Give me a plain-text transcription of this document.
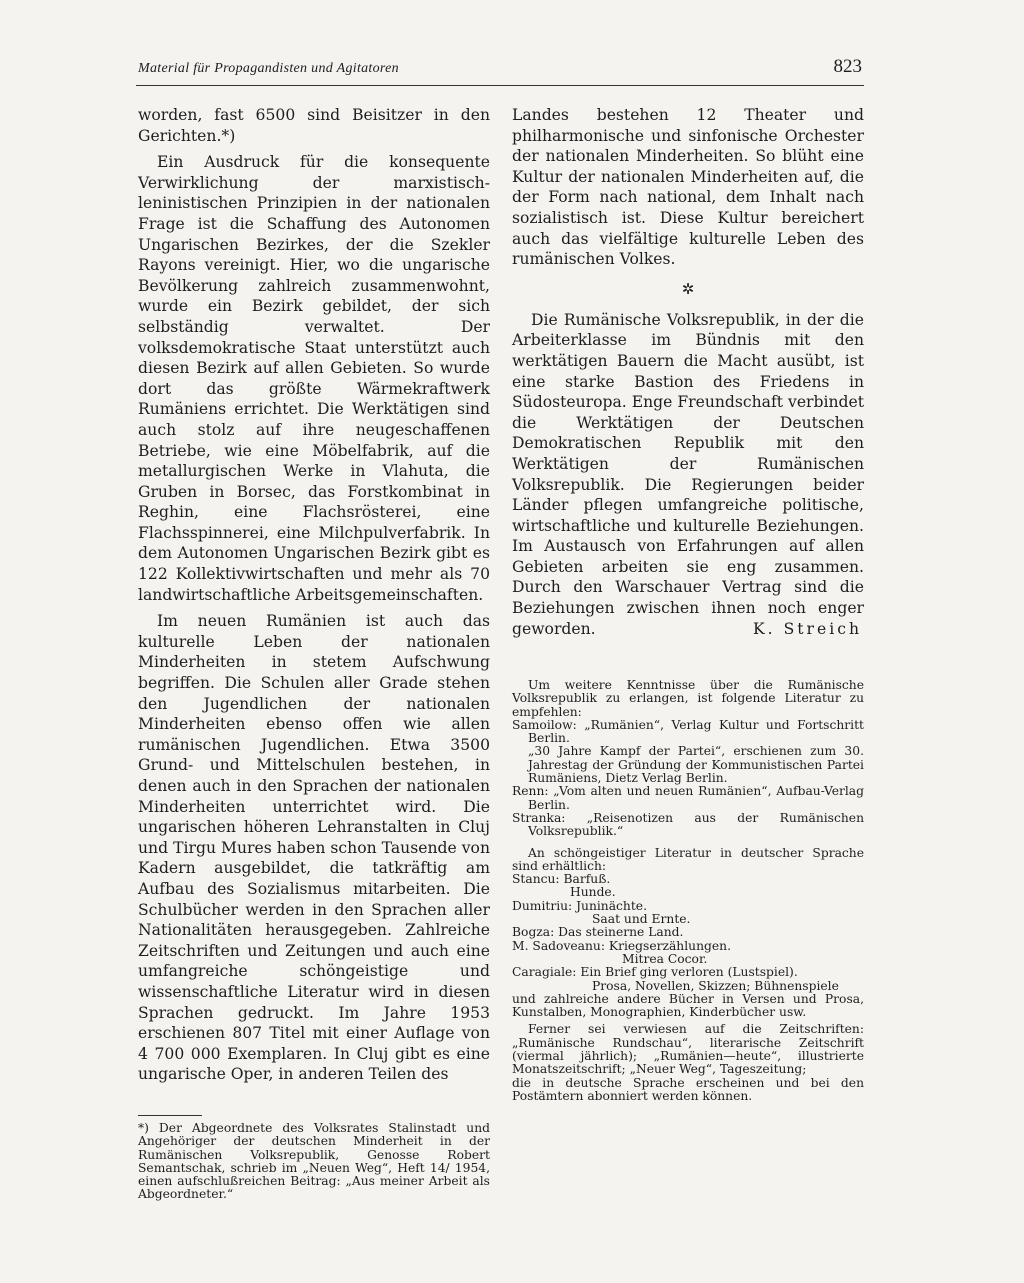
Material für Propagandisten und Agitatoren	823

worden, fast 6500 sind Beisitzer in den Gerichten.*)

Ein Ausdruck für die konsequente Verwirklichung der marxistisch-leninistischen Prinzipien in der nationalen Frage ist die Schaffung des Autonomen Ungarischen Bezirkes, der die Szekler Rayons vereinigt. Hier, wo die ungarische Bevölkerung zahlreich zusammenwohnt, wurde ein Bezirk gebildet, der sich selbständig verwaltet. Der volksdemokratische Staat unterstützt auch diesen Bezirk auf allen Gebieten. So wurde dort das größte Wärmekraftwerk Rumäniens errichtet. Die Werktätigen sind auch stolz auf ihre neugeschaffenen Betriebe, wie eine Möbelfabrik, auf die metallurgischen Werke in Vlahuta, die Gruben in Borsec, das Forstkombinat in Reghin, eine Flachsrösterei, eine Flachsspinnerei, eine Milchpulverfabrik. In dem Autonomen Ungarischen Bezirk gibt es 122 Kollektivwirtschaften und mehr als 70 landwirtschaftliche Arbeitsgemeinschaften.

Im neuen Rumänien ist auch das kulturelle Leben der nationalen Minderheiten in stetem Aufschwung begriffen. Die Schulen aller Grade stehen den Jugendlichen der nationalen Minderheiten ebenso offen wie allen rumänischen Jugendlichen. Etwa 3500 Grund- und Mittelschulen bestehen, in denen auch in den Sprachen der nationalen Minderheiten unterrichtet wird. Die ungarischen höheren Lehranstalten in Cluj und Tirgu Mures haben schon Tausende von Kadern ausgebildet, die tatkräftig am Aufbau des Sozialismus mitarbeiten. Die Schulbücher werden in den Sprachen aller Nationalitäten herausgegeben. Zahlreiche Zeitschriften und Zeitungen und auch eine umfangreiche schöngeistige und wissenschaftliche Literatur wird in diesen Sprachen gedruckt. Im Jahre 1953 erschienen 807 Titel mit einer Auflage von 4 700 000 Exemplaren. In Cluj gibt es eine ungarische Oper, in anderen Teilen des

*) Der Abgeordnete des Volksrates Stalinstadt und Angehöriger der deutschen Minderheit in der Rumänischen Volksrepublik, Genosse Robert Semantschak, schrieb im „Neuen Weg“, Heft 14/ 1954, einen aufschlußreichen Beitrag: „Aus meiner Arbeit als Abgeordneter.“

Landes bestehen 12 Theater und philharmonische und sinfonische Orchester der nationalen Minderheiten. So blüht eine Kultur der nationalen Minderheiten auf, die der Form nach national, dem Inhalt nach sozialistisch ist. Diese Kultur bereichert auch das vielfältige kulturelle Leben des rumänischen Volkes.

✲

Die Rumänische Volksrepublik, in der die Arbeiterklasse im Bündnis mit den werktätigen Bauern die Macht ausübt, ist eine starke Bastion des Friedens in Südosteuropa. Enge Freundschaft verbindet die Werktätigen der Deutschen Demokratischen Republik mit den Werktätigen der Rumänischen Volksrepublik. Die Regierungen beider Länder pflegen umfangreiche politische, wirtschaftliche und kulturelle Beziehungen. Im Austausch von Erfahrungen auf allen Gebieten arbeiten sie eng zusammen. Durch den Warschauer Vertrag sind die Beziehungen zwischen ihnen noch enger geworden.	K. Streich

Um weitere Kenntnisse über die Rumänische Volksrepublik zu erlangen, ist folgende Literatur zu empfehlen:

Samoilow: „Rumänien“, Verlag Kultur und Fortschritt Berlin.

„30 Jahre Kampf der Partei“, erschienen zum 30. Jahrestag der Gründung der Kommunistischen Partei Rumäniens, Dietz Verlag Berlin.

Renn: „Vom alten und neuen Rumänien“, Aufbau-Verlag Berlin.

Stranka: „Reisenotizen aus der Rumänischen Volksrepublik.“

An schöngeistiger Literatur in deutscher Sprache sind erhältlich:

Stancu: Barfuß.

Hunde.

Dumitriu: Juninächte.

Saat und Ernte.

Bogza: Das steinerne Land.

M. Sadoveanu: Kriegserzählungen.

Mitrea Cocor.

Caragiale: Ein Brief ging verloren (Lustspiel).

Prosa, Novellen, Skizzen; Bühnenspiele

und zahlreiche andere Bücher in Versen und Prosa, Kunstalben, Monographien, Kinderbücher usw.

Ferner sei verwiesen auf die Zeitschriften: „Rumänische Rundschau“, literarische Zeitschrift (viermal jährlich); „Rumänien—heute“, illustrierte Monatszeitschrift; „Neuer Weg“, Tageszeitung;

die in deutsche Sprache erscheinen und bei den Postämtern abonniert werden können.
